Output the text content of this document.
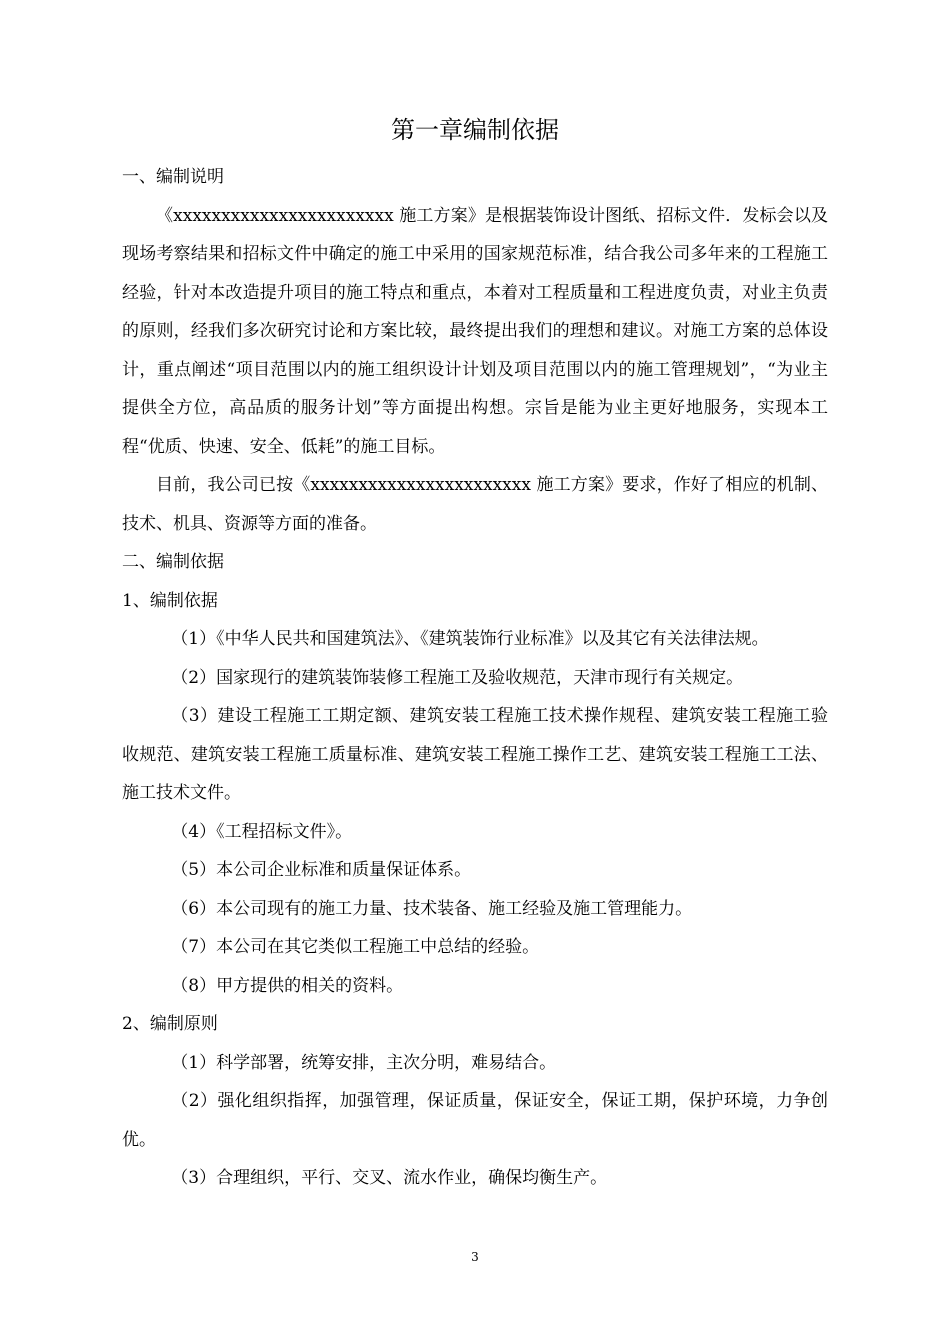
第一章编制依据

一、编制说明

《xxxxxxxxxxxxxxxxxxxxxxx 施工方案》是根据装饰设计图纸、招标文件．发标会以及现场考察结果和招标文件中确定的施工中采用的国家规范标准，结合我公司多年来的工程施工经验，针对本改造提升项目的施工特点和重点，本着对工程质量和工程进度负责，对业主负责的原则，经我们多次研究讨论和方案比较，最终提出我们的理想和建议。对施工方案的总体设计，重点阐述“项目范围以内的施工组织设计计划及项目范围以内的施工管理规划”，“为业主提供全方位，高品质的服务计划”等方面提出构想。宗旨是能为业主更好地服务，实现本工程“优质、快速、安全、低耗”的施工目标。

目前，我公司已按《xxxxxxxxxxxxxxxxxxxxxxx 施工方案》要求，作好了相应的机制、技术、机具、资源等方面的准备。

二、编制依据

1、编制依据

（1）《中华人民共和国建筑法》、《建筑装饰行业标准》以及其它有关法律法规。

（2）国家现行的建筑装饰装修工程施工及验收规范，天津市现行有关规定。

（3）建设工程施工工期定额、建筑安装工程施工技术操作规程、建筑安装工程施工验收规范、建筑安装工程施工质量标准、建筑安装工程施工操作工艺、建筑安装工程施工工法、施工技术文件。

（4）《工程招标文件》。

（5）本公司企业标准和质量保证体系。

（6）本公司现有的施工力量、技术装备、施工经验及施工管理能力。

（7）本公司在其它类似工程施工中总结的经验。

（8）甲方提供的相关的资料。

2、编制原则

（1）科学部署，统筹安排，主次分明，难易结合。

（2）强化组织指挥，加强管理，保证质量，保证安全，保证工期，保护环境，力争创优。

（3）合理组织，平行、交叉、流水作业，确保均衡生产。

3
